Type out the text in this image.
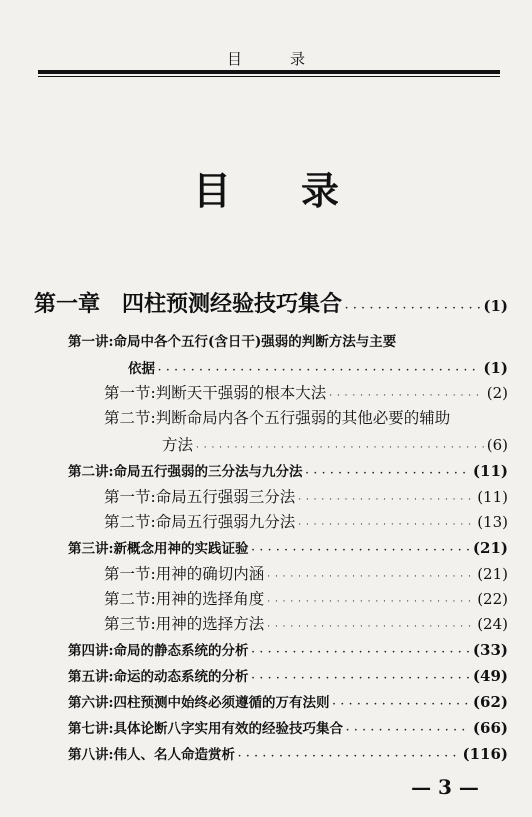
目录
目录
第一章　四柱预测经验技巧集合 · · ·	(1)
第一讲:命局中各个五行(含日干)强弱的判断方法与主要
依据 · · ·	(1)
第一节:判断天干强弱的根本大法 · · ·	(2)
第二节:判断命局内各个五行强弱的其他必要的辅助
方法 · · ·	(6)
第二讲:命局五行强弱的三分法与九分法 · · ·	(11)
第一节:命局五行强弱三分法 · · ·	(11)
第二节:命局五行强弱九分法 · · ·	(13)
第三讲:新概念用神的实践证验 · · ·	(21)
第一节:用神的确切内涵 · · ·	(21)
第二节:用神的选择角度 · · ·	(22)
第三节:用神的选择方法 · · ·	(24)
第四讲:命局的静态系统的分析 · · ·	(33)
第五讲:命运的动态系统的分析 · · ·	(49)
第六讲:四柱预测中始终必须遵循的万有法则 · · ·	(62)
第七讲:具体论断八字实用有效的经验技巧集合 · · ·	(66)
第八讲:伟人、名人命造赏析 · · ·	(116)
— 3 —
